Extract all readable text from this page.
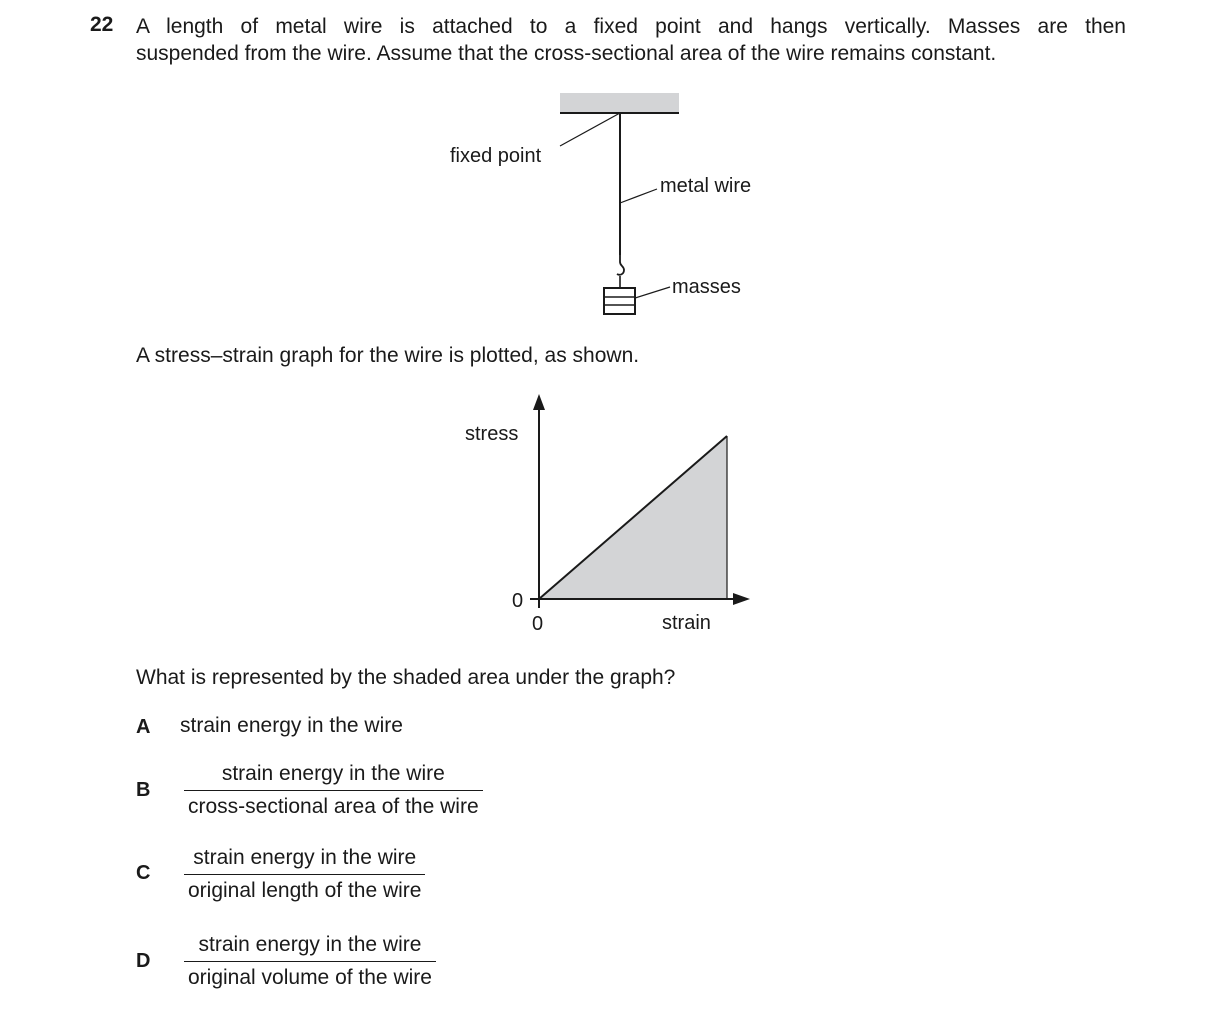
22 A length of metal wire is attached to a fixed point and hangs vertically. Masses are then
suspended from the wire. Assume that the cross-sectional area of the wire remains constant.
fixed point
metal wire
masses
stress
strain
0
0
A stress–strain graph for the wire is plotted, as shown.
What is represented by the shaded area under the graph?
A strain energy in the wire
B
strain energy in the wire
cross-sectional area of the wire
C
strain energy in the wire
original length of the wire
D
strain energy in the wire
original volume of the wire
